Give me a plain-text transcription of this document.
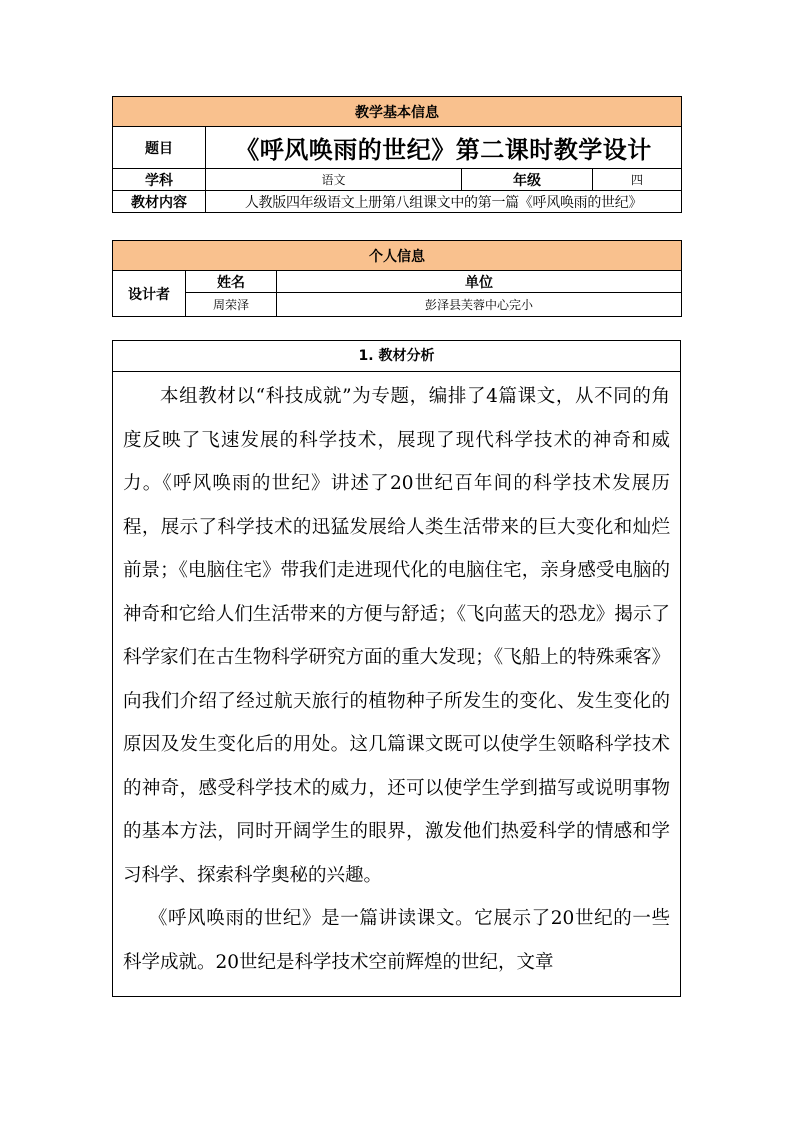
教学基本信息			
题目	《呼风唤雨的世纪》第二课时教学设计		
学科	语文	年级	四
教材内容	人教版四年级语文上册第八组课文中的第一篇《呼风唤雨的世纪》		
个人信息		
设计者	姓名	单位
	周荣泽	彭泽县芙蓉中心完小
1. 教材分析

本组教材以“科技成就”为专题，编排了4篇课文，从不同的角度反映了飞速发展的科学技术，展现了现代科学技术的神奇和威力。《呼风唤雨的世纪》讲述了20世纪百年间的科学技术发展历程，展示了科学技术的迅猛发展给人类生活带来的巨大变化和灿烂前景；《电脑住宅》带我们走进现代化的电脑住宅，亲身感受电脑的神奇和它给人们生活带来的方便与舒适；《飞向蓝天的恐龙》揭示了科学家们在古生物科学研究方面的重大发现；《飞船上的特殊乘客》向我们介绍了经过航天旅行的植物种子所发生的变化、发生变化的原因及发生变化后的用处。这几篇课文既可以使学生领略科学技术的神奇，感受科学技术的威力，还可以使学生学到描写或说明事物的基本方法，同时开阔学生的眼界，激发他们热爱科学的情感和学习科学、探索科学奥秘的兴趣。

《呼风唤雨的世纪》是一篇讲读课文。它展示了20世纪的一些科学成就。20世纪是科学技术空前辉煌的世纪，文章
